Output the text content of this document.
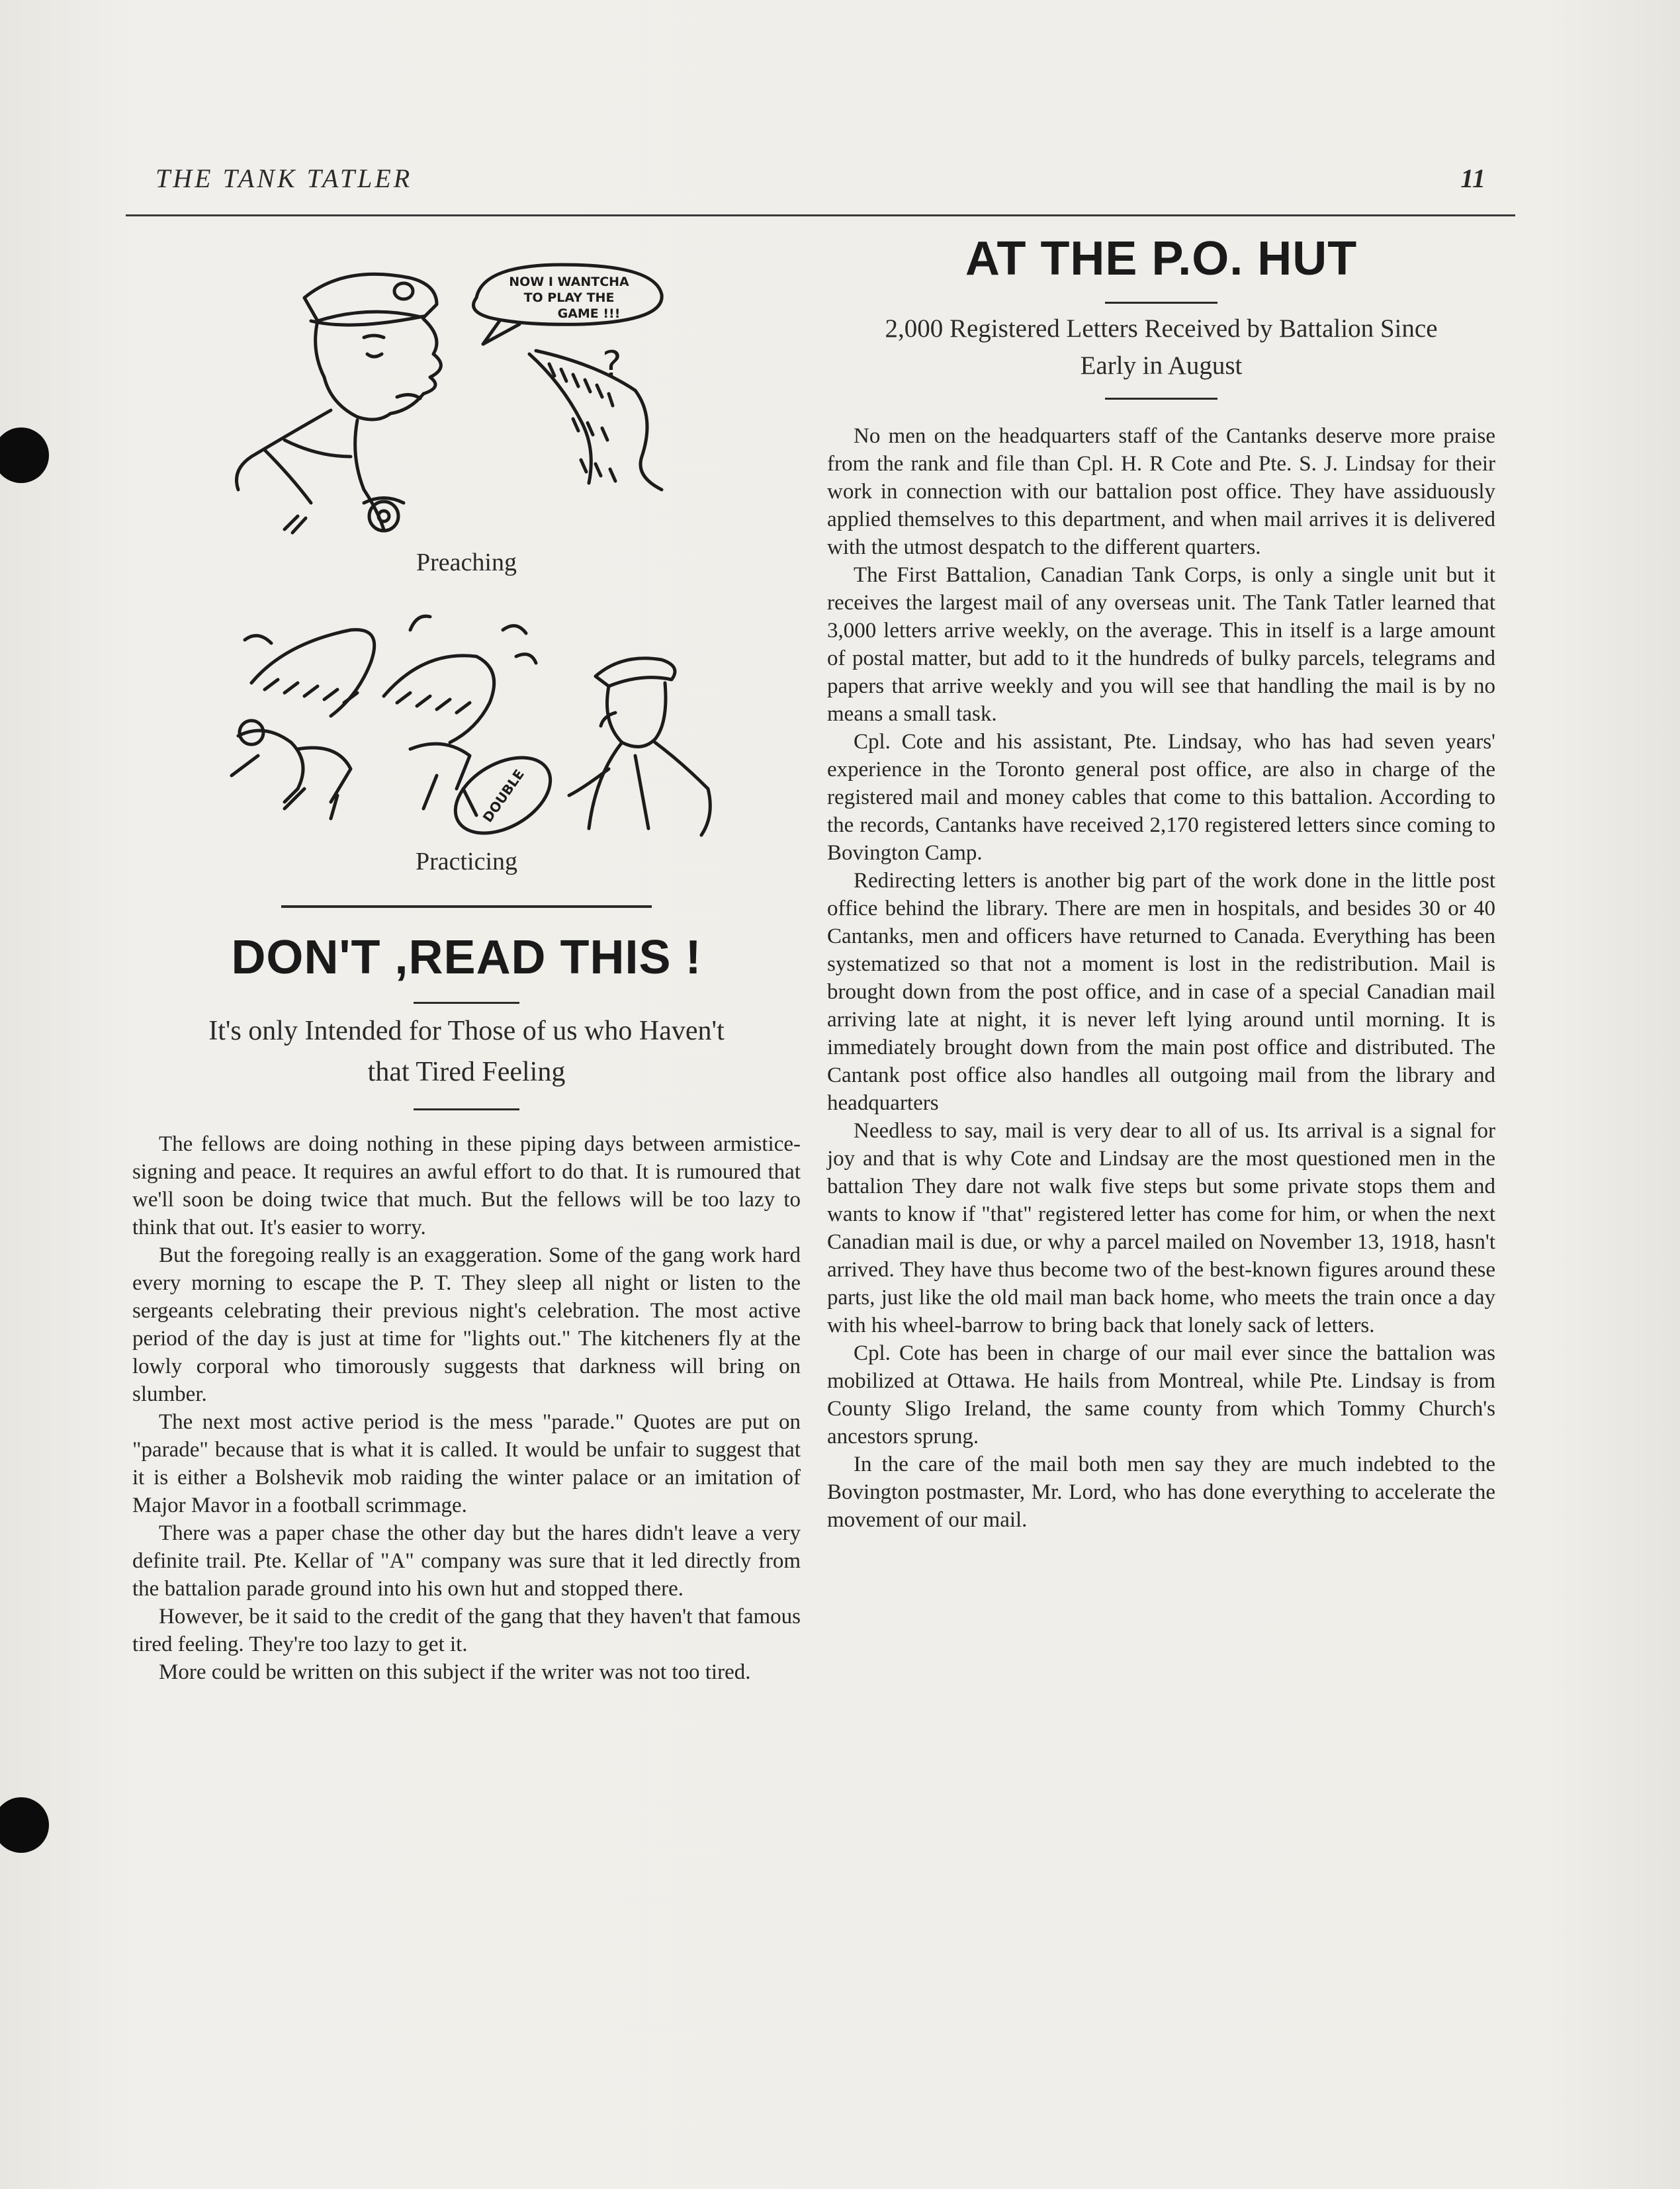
THE TANK TATLER	11
NOW I WANTCHA
TO PLAY THE
GAME !!!
?
Preaching
DOUBLE
Practicing
DON'T ,READ THIS !
It's only Intended for Those of us who Haven't
that Tired Feeling

The fellows are doing nothing in these piping days between armistice-signing and peace. It requires an awful effort to do that. It is rumoured that we'll soon be doing twice that much. But the fellows will be too lazy to think that out. It's easier to worry.

But the foregoing really is an exaggeration. Some of the gang work hard every morning to escape the P. T. They sleep all night or listen to the sergeants celebrating their previous night's celebration. The most active period of the day is just at time for "lights out." The kitcheners fly at the lowly corporal who timorously suggests that darkness will bring on slumber.

The next most active period is the mess "parade." Quotes are put on "parade" because that is what it is called. It would be unfair to suggest that it is either a Bolshevik mob raiding the winter palace or an imitation of Major Mavor in a football scrimmage.

There was a paper chase the other day but the hares didn't leave a very definite trail. Pte. Kellar of "A" company was sure that it led directly from the battalion parade ground into his own hut and stopped there.

However, be it said to the credit of the gang that they haven't that famous tired feeling. They're too lazy to get it.

More could be written on this subject if the writer was not too tired.

AT THE P.O. HUT
2,000 Registered Letters Received by Battalion Since
Early in August

No men on the headquarters staff of the Cantanks deserve more praise from the rank and file than Cpl. H. R Cote and Pte. S. J. Lindsay for their work in connection with our battalion post office. They have assiduously applied themselves to this department, and when mail arrives it is delivered with the utmost despatch to the different quarters.

The First Battalion, Canadian Tank Corps, is only a single unit but it receives the largest mail of any overseas unit. The Tank Tatler learned that 3,000 letters arrive weekly, on the average. This in itself is a large amount of postal matter, but add to it the hundreds of bulky parcels, telegrams and papers that arrive weekly and you will see that handling the mail is by no means a small task.

Cpl. Cote and his assistant, Pte. Lindsay, who has had seven years' experience in the Toronto general post office, are also in charge of the registered mail and money cables that come to this battalion. According to the records, Cantanks have received 2,170 registered letters since coming to Bovington Camp.

Redirecting letters is another big part of the work done in the little post office behind the library. There are men in hospitals, and besides 30 or 40 Cantanks, men and officers have returned to Canada. Everything has been systematized so that not a moment is lost in the redistribution. Mail is brought down from the post office, and in case of a special Canadian mail arriving late at night, it is never left lying around until morning. It is immediately brought down from the main post office and distributed. The Cantank post office also handles all outgoing mail from the library and headquarters

Needless to say, mail is very dear to all of us. Its arrival is a signal for joy and that is why Cote and Lindsay are the most questioned men in the battalion They dare not walk five steps but some private stops them and wants to know if "that" registered letter has come for him, or when the next Canadian mail is due, or why a parcel mailed on November 13, 1918, hasn't arrived. They have thus become two of the best-known figures around these parts, just like the old mail man back home, who meets the train once a day with his wheel-barrow to bring back that lonely sack of letters.

Cpl. Cote has been in charge of our mail ever since the battalion was mobilized at Ottawa. He hails from Montreal, while Pte. Lindsay is from County Sligo Ireland, the same county from which Tommy Church's ancestors sprung.

In the care of the mail both men say they are much indebted to the Bovington postmaster, Mr. Lord, who has done everything to accelerate the movement of our mail.
